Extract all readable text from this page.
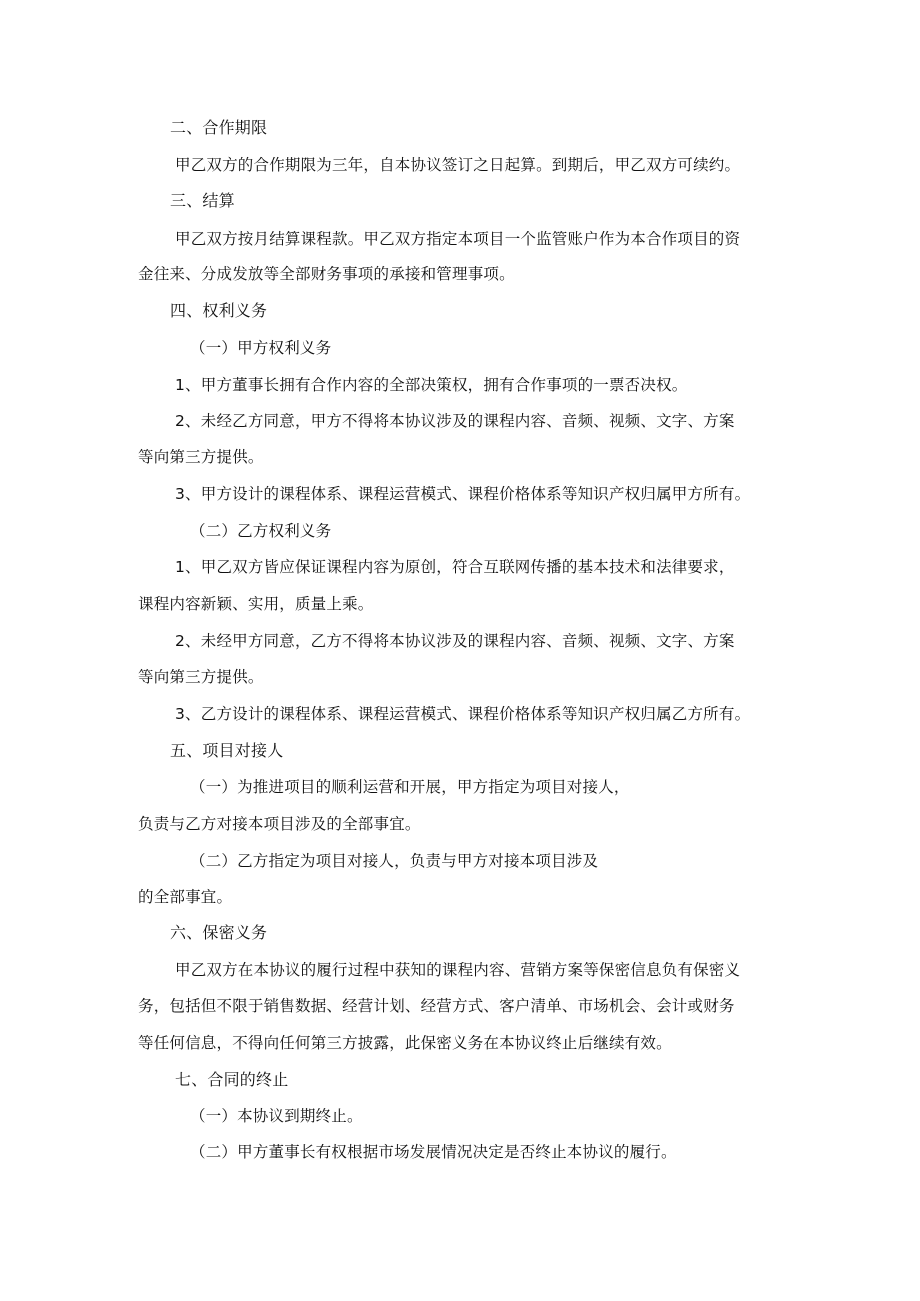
二、合作期限
甲乙双方的合作期限为三年，自本协议签订之日起算。到期后，甲乙双方可续约。
三、结算
甲乙双方按月结算课程款。甲乙双方指定本项目一个监管账户作为本合作项目的资
金往来、分成发放等全部财务事项的承接和管理事项。
四、权利义务
（一）甲方权利义务
1、甲方董事长拥有合作内容的全部决策权，拥有合作事项的一票否决权。
2、未经乙方同意，甲方不得将本协议涉及的课程内容、音频、视频、文字、方案
等向第三方提供。
3、甲方设计的课程体系、课程运营模式、课程价格体系等知识产权归属甲方所有。
（二）乙方权利义务
1、甲乙双方皆应保证课程内容为原创，符合互联网传播的基本技术和法律要求，
课程内容新颖、实用，质量上乘。
2、未经甲方同意，乙方不得将本协议涉及的课程内容、音频、视频、文字、方案
等向第三方提供。
3、乙方设计的课程体系、课程运营模式、课程价格体系等知识产权归属乙方所有。
五、项目对接人
（一）为推进项目的顺利运营和开展，甲方指定为项目对接人，
负责与乙方对接本项目涉及的全部事宜。
（二）乙方指定为项目对接人，负责与甲方对接本项目涉及
的全部事宜。
六、保密义务
甲乙双方在本协议的履行过程中获知的课程内容、营销方案等保密信息负有保密义
务，包括但不限于销售数据、经营计划、经营方式、客户清单、市场机会、会计或财务
等任何信息，不得向任何第三方披露，此保密义务在本协议终止后继续有效。
七、合同的终止
（一）本协议到期终止。
（二）甲方董事长有权根据市场发展情况决定是否终止本协议的履行。
